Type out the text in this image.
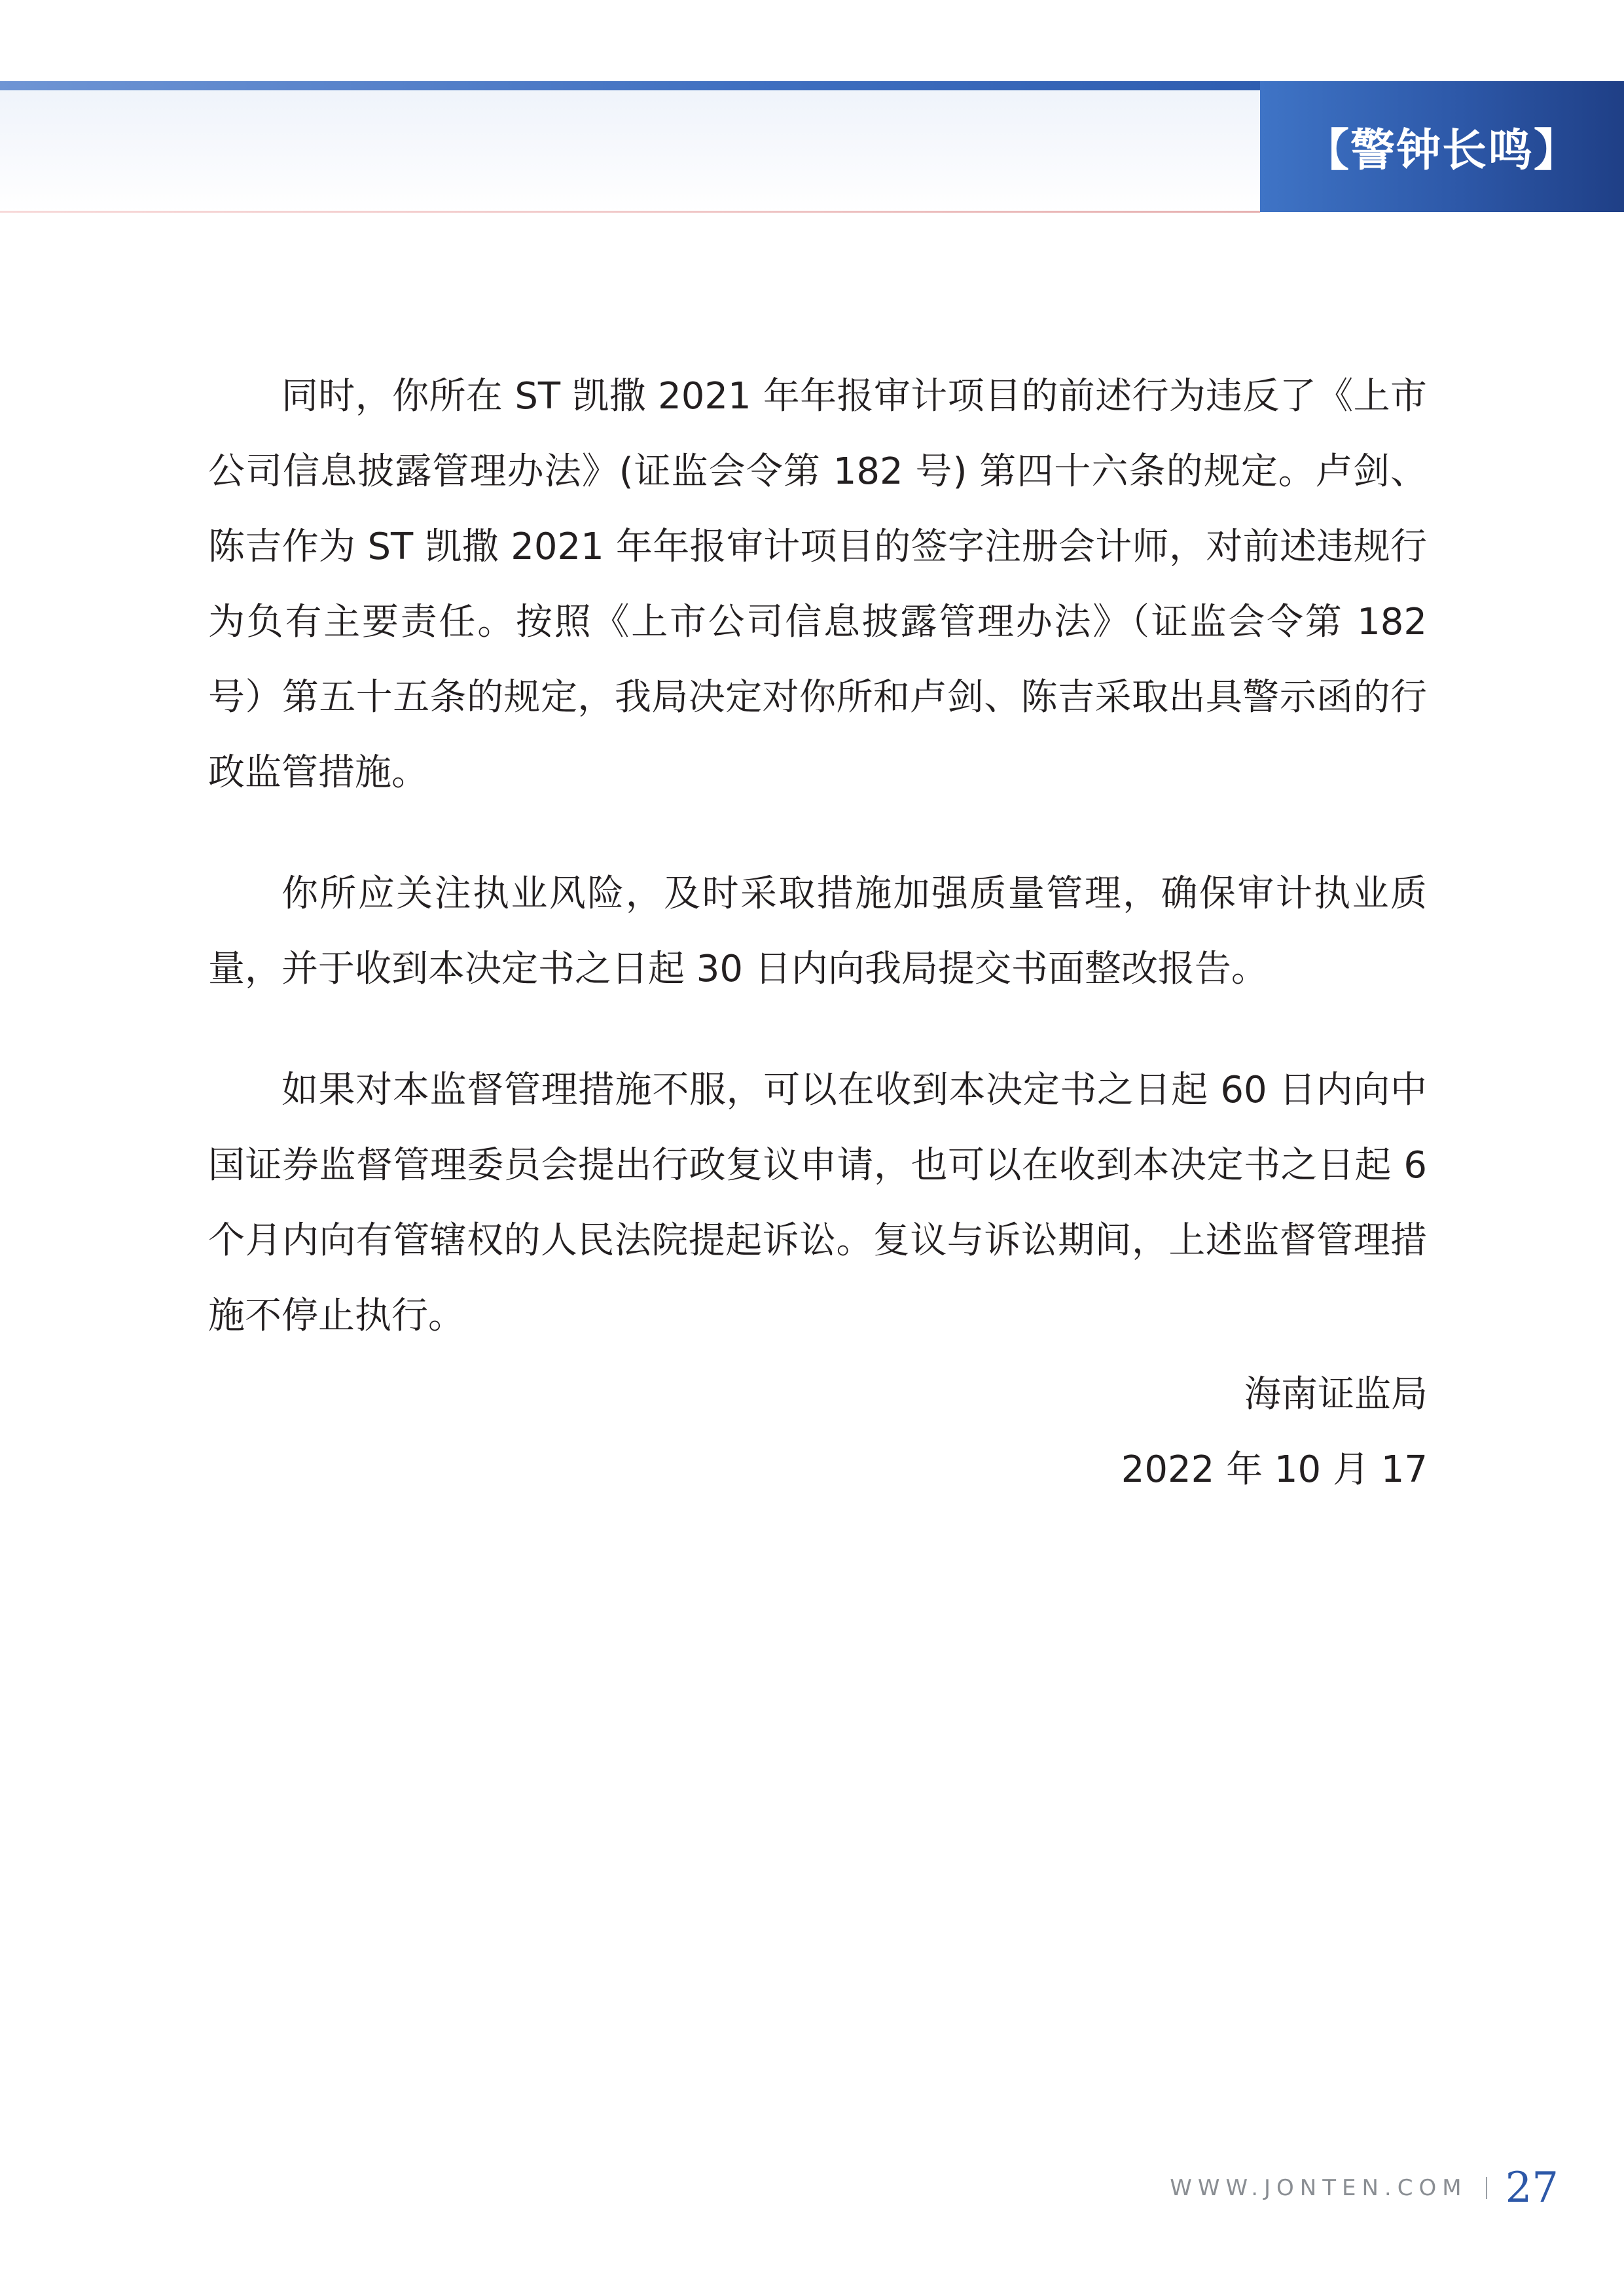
【警钟长鸣】

同时，你所在 ST 凯撒 2021 年年报审计项目的前述行为违反了《上市公司信息披露管理办法》(证监会令第 182 号) 第四十六条的规定。卢剑、陈吉作为 ST 凯撒 2021 年年报审计项目的签字注册会计师，对前述违规行为负有主要责任。按照《上市公司信息披露管理办法》（证监会令第 182 号）第五十五条的规定，我局决定对你所和卢剑、陈吉采取出具警示函的行政监管措施。

你所应关注执业风险，及时采取措施加强质量管理，确保审计执业质量，并于收到本决定书之日起 30 日内向我局提交书面整改报告。

如果对本监督管理措施不服，可以在收到本决定书之日起 60 日内向中国证券监督管理委员会提出行政复议申请，也可以在收到本决定书之日起 6 个月内向有管辖权的人民法院提起诉讼。复议与诉讼期间，上述监督管理措施不停止执行。

海南证监局
2022 年 10 月 17
WWW.JONTEN.COM 27
